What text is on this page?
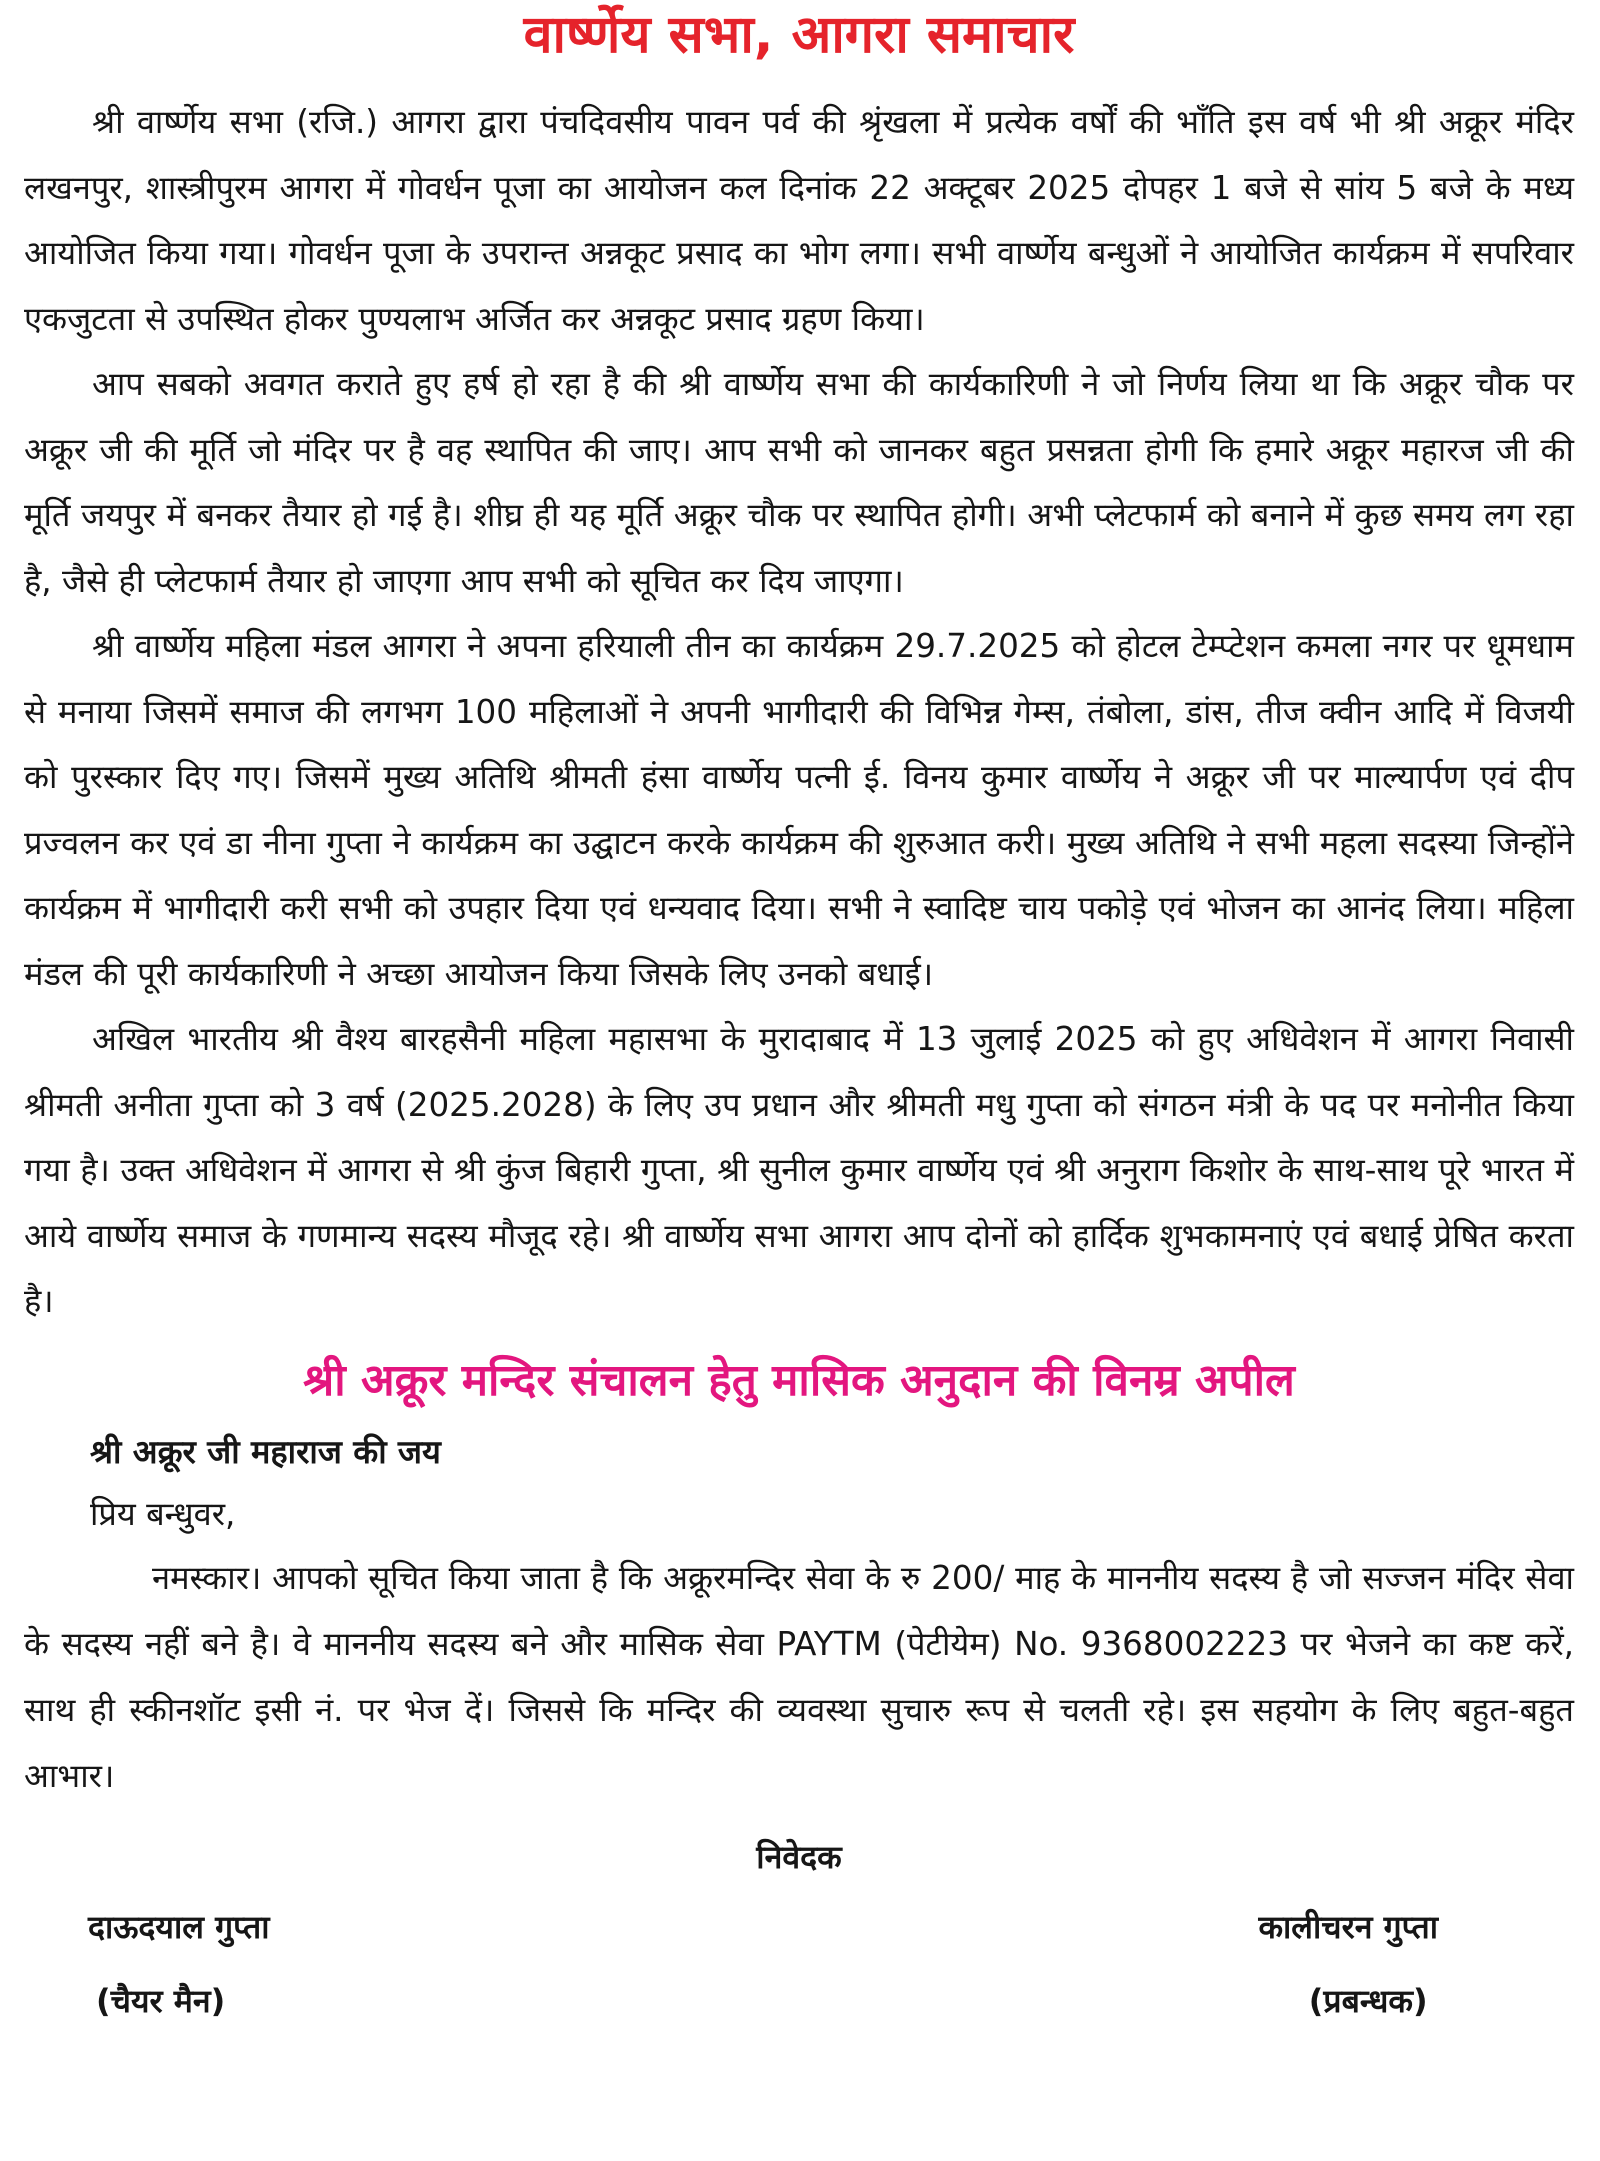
वार्ष्णेय सभा, आगरा समाचार

श्री वार्ष्णेय सभा (रजि.) आगरा द्वारा पंचदिवसीय पावन पर्व की श्रृंखला में प्रत्येक वर्षों की भाँति इस वर्ष भी श्री अक्रूर मंदिर लखनपुर, शास्त्रीपुरम आगरा में गोवर्धन पूजा का आयोजन कल दिनांक 22 अक्टूबर 2025 दोपहर 1 बजे से सांय 5 बजे के मध्य आयोजित किया गया। गोवर्धन पूजा के उपरान्त अन्नकूट प्रसाद का भोग लगा। सभी वार्ष्णेय बन्धुओं ने आयोजित कार्यक्रम में सपरिवार एकजुटता से उपस्थित होकर पुण्यलाभ अर्जित कर अन्नकूट प्रसाद ग्रहण किया।

आप सबको अवगत कराते हुए हर्ष हो रहा है की श्री वार्ष्णेय सभा की कार्यकारिणी ने जो निर्णय लिया था कि अक्रूर चौक पर अक्रूर जी की मूर्ति जो मंदिर पर है वह स्थापित की जाए। आप सभी को जानकर बहुत प्रसन्नता होगी कि हमारे अक्रूर महारज जी की मूर्ति जयपुर में बनकर तैयार हो गई है। शीघ्र ही यह मूर्ति अक्रूर चौक पर स्थापित होगी। अभी प्लेटफार्म को बनाने में कुछ समय लग रहा है, जैसे ही प्लेटफार्म तैयार हो जाएगा आप सभी को सूचित कर दिय जाएगा।

श्री वार्ष्णेय महिला मंडल आगरा ने अपना हरियाली तीन का कार्यक्रम 29.7.2025 को होटल टेम्प्टेशन कमला नगर पर धूमधाम से मनाया जिसमें समाज की लगभग 100 महिलाओं ने अपनी भागीदारी की विभिन्न गेम्स, तंबोला, डांस, तीज क्वीन आदि में विजयी को पुरस्कार दिए गए। जिसमें मुख्य अतिथि श्रीमती हंसा वार्ष्णेय पत्नी ई. विनय कुमार वार्ष्णेय ने अक्रूर जी पर माल्यार्पण एवं दीप प्रज्वलन कर एवं डा नीना गुप्ता ने कार्यक्रम का उद्घाटन करके कार्यक्रम की शुरुआत करी। मुख्य अतिथि ने सभी महला सदस्या जिन्होंने कार्यक्रम में भागीदारी करी सभी को उपहार दिया एवं धन्यवाद दिया। सभी ने स्वादिष्ट चाय पकोड़े एवं भोजन का आनंद लिया। महिला मंडल की पूरी कार्यकारिणी ने अच्छा आयोजन किया जिसके लिए उनको बधाई।

अखिल भारतीय श्री वैश्य बारहसैनी महिला महासभा के मुरादाबाद में 13 जुलाई 2025 को हुए अधिवेशन में आगरा निवासी श्रीमती अनीता गुप्ता को 3 वर्ष (2025.2028) के लिए उप प्रधान और श्रीमती मधु गुप्ता को संगठन मंत्री के पद पर मनोनीत किया गया है। उक्त अधिवेशन में आगरा से श्री कुंज बिहारी गुप्ता, श्री सुनील कुमार वार्ष्णेय एवं श्री अनुराग किशोर के साथ-साथ पूरे भारत में आये वार्ष्णेय समाज के गणमान्य सदस्य मौजूद रहे। श्री वार्ष्णेय सभा आगरा आप दोनों को हार्दिक शुभकामनाएं एवं बधाई प्रेषित करता है।

श्री अक्रूर मन्दिर संचालन हेतु मासिक अनुदान की विनम्र अपील
श्री अक्रूर जी महाराज की जय
प्रिय बन्धुवर,

नमस्कार। आपको सूचित किया जाता है कि अक्रूरमन्दिर सेवा के रु 200/ माह के माननीय सदस्य है जो सज्जन मंदिर सेवा के सदस्य नहीं बने है। वे माननीय सदस्य बने और मासिक सेवा PAYTM (पेटीयेम) No. 9368002223 पर भेजने का कष्ट करें, साथ ही स्कीनशॉट इसी नं. पर भेज दें। जिससे कि मन्दिर की व्यवस्था सुचारु रूप से चलती रहे। इस सहयोग के लिए बहुत-बहुत आभार।

निवेदक
दाऊदयाल गुप्ता
(चैयर मैन)
कालीचरन गुप्ता
(प्रबन्धक)
